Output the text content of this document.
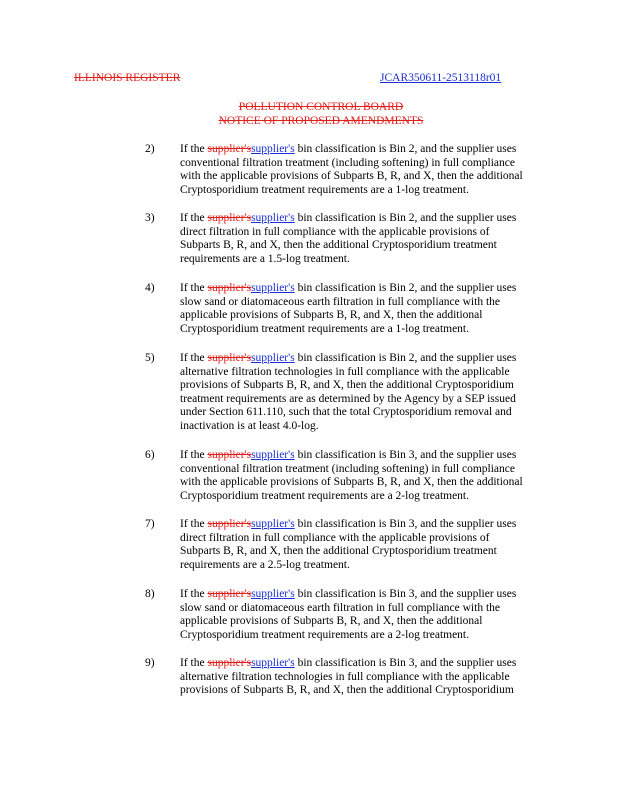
ILLINOIS REGISTER	JCAR350611-2513118r01
POLLUTION CONTROL BOARD
NOTICE OF PROPOSED AMENDMENTS
2)	If the supplier'ssupplier's bin classification is Bin 2, and the supplier uses
conventional filtration treatment (including softening) in full compliance
with the applicable provisions of Subparts B, R, and X, then the additional
Cryptosporidium treatment requirements are a 1-log treatment.
3)	If the supplier'ssupplier's bin classification is Bin 2, and the supplier uses
direct filtration in full compliance with the applicable provisions of
Subparts B, R, and X, then the additional Cryptosporidium treatment
requirements are a 1.5-log treatment.
4)	If the supplier'ssupplier's bin classification is Bin 2, and the supplier uses
slow sand or diatomaceous earth filtration in full compliance with the
applicable provisions of Subparts B, R, and X, then the additional
Cryptosporidium treatment requirements are a 1-log treatment.
5)	If the supplier'ssupplier's bin classification is Bin 2, and the supplier uses
alternative filtration technologies in full compliance with the applicable
provisions of Subparts B, R, and X, then the additional Cryptosporidium
treatment requirements are as determined by the Agency by a SEP issued
under Section 611.110, such that the total Cryptosporidium removal and
inactivation is at least 4.0-log.
6)	If the supplier'ssupplier's bin classification is Bin 3, and the supplier uses
conventional filtration treatment (including softening) in full compliance
with the applicable provisions of Subparts B, R, and X, then the additional
Cryptosporidium treatment requirements are a 2-log treatment.
7)	If the supplier'ssupplier's bin classification is Bin 3, and the supplier uses
direct filtration in full compliance with the applicable provisions of
Subparts B, R, and X, then the additional Cryptosporidium treatment
requirements are a 2.5-log treatment.
8)	If the supplier'ssupplier's bin classification is Bin 3, and the supplier uses
slow sand or diatomaceous earth filtration in full compliance with the
applicable provisions of Subparts B, R, and X, then the additional
Cryptosporidium treatment requirements are a 2-log treatment.
9)	If the supplier'ssupplier's bin classification is Bin 3, and the supplier uses
alternative filtration technologies in full compliance with the applicable
provisions of Subparts B, R, and X, then the additional Cryptosporidium
